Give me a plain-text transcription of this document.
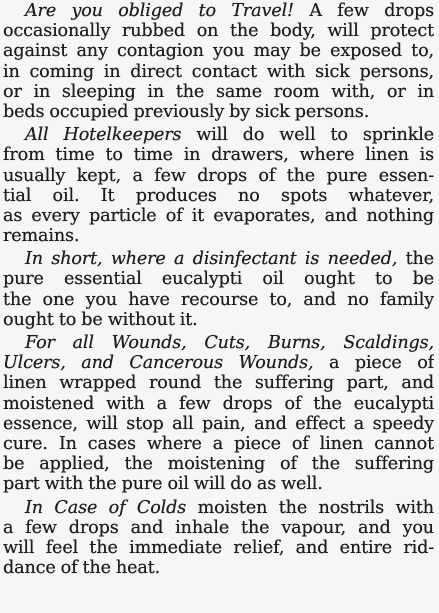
Are you obliged to Travel! A few drops
occasionally rubbed on the body, will protect
against any contagion you may be exposed to,
in coming in direct contact with sick persons,
or in sleeping in the same room with, or in
beds occupied previously by sick persons.
All Hotelkeepers will do well to sprinkle
from time to time in drawers, where linen is
usually kept, a few drops of the pure essen-
tial oil. It produces no spots whatever,
as every particle of it evaporates, and nothing
remains.
In short, where a disinfectant is needed, the
pure essential eucalypti oil ought to be
the one you have recourse to, and no family
ought to be without it.
For all Wounds, Cuts, Burns, Scaldings,
Ulcers, and Cancerous Wounds, a piece of
linen wrapped round the suffering part, and
moistened with a few drops of the eucalypti
essence, will stop all pain, and effect a speedy
cure. In cases where a piece of linen cannot
be applied, the moistening of the suffering
part with the pure oil will do as well.
In Case of Colds moisten the nostrils with
a few drops and inhale the vapour, and you
will feel the immediate relief, and entire rid-
dance of the heat.
